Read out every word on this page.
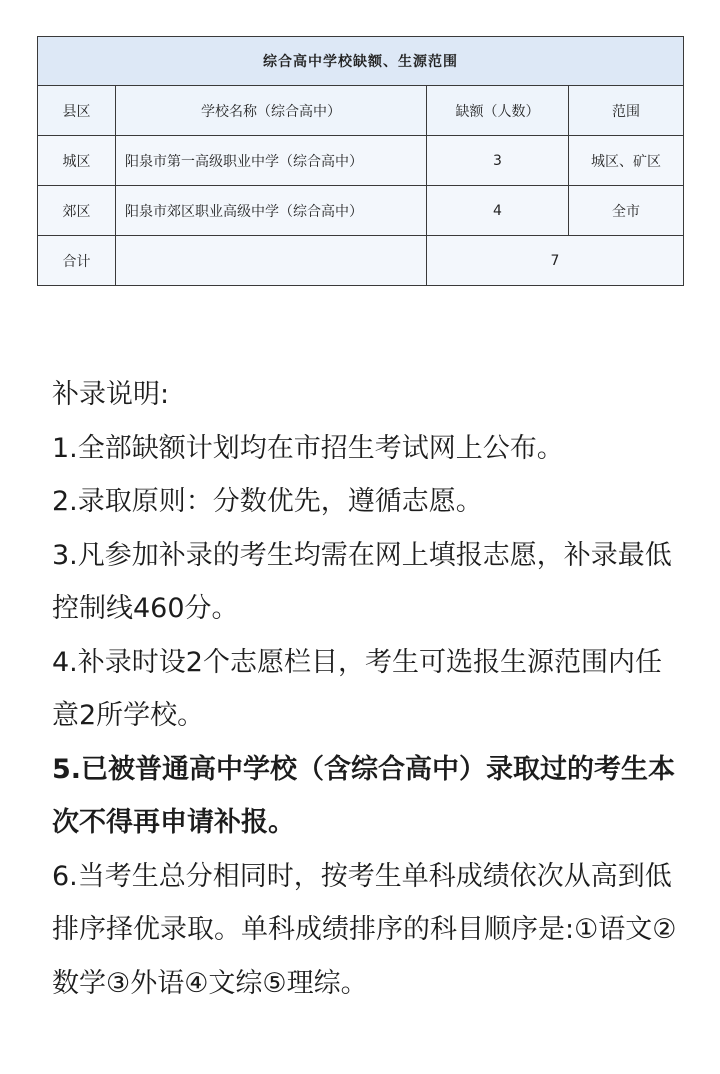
综合高中学校缺额、生源范围			
县区	学校名称（综合高中）	缺额（人数）	范围
城区	阳泉市第一高级职业中学（综合高中）	3	城区、矿区
郊区	阳泉市郊区职业高级中学（综合高中）	4	全市
合计		7	

补录说明:

1.全部缺额计划均在市招生考试网上公布。

2.录取原则：分数优先，遵循志愿。

3.凡参加补录的考生均需在网上填报志愿，补录最低控制线460分。

4.补录时设2个志愿栏目，考生可选报生源范围内任意2所学校。

5.已被普通高中学校（含综合高中）录取过的考生本次不得再申请补报。

6.当考生总分相同时，按考生单科成绩依次从高到低排序择优录取。单科成绩排序的科目顺序是:①语文②数学③外语④文综⑤理综。
